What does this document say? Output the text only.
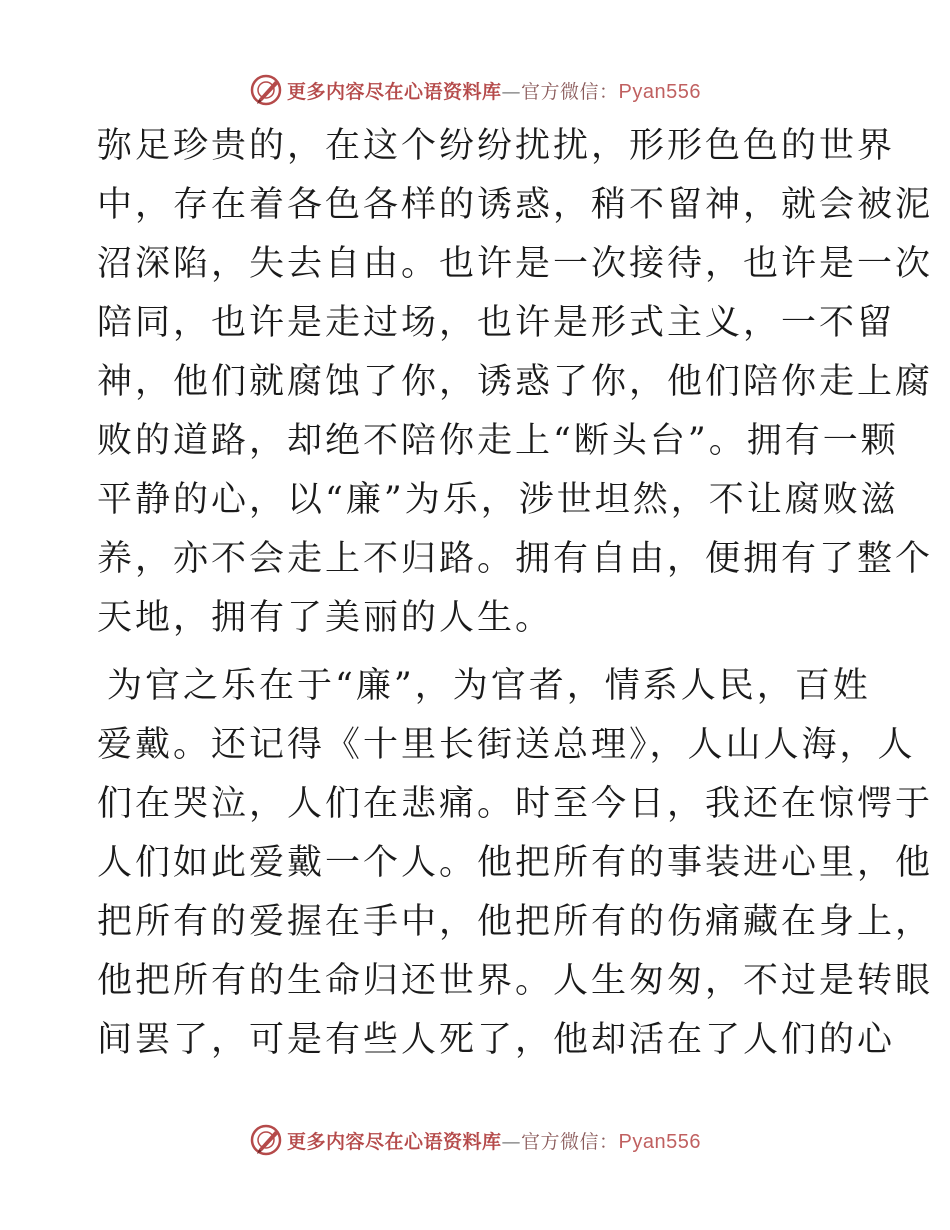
更多内容尽在心语资料库—官方微信：Pyan556
弥足珍贵的，在这个纷纷扰扰，形形色色的世界
中，存在着各色各样的诱惑，稍不留神，就会被泥
沼深陷，失去自由。也许是一次接待，也许是一次
陪同，也许是走过场，也许是形式主义，一不留
神，他们就腐蚀了你，诱惑了你，他们陪你走上腐
败的道路，却绝不陪你走上“断头台”。拥有一颗
平静的心，以“廉”为乐，涉世坦然，不让腐败滋
养，亦不会走上不归路。拥有自由，便拥有了整个
天地，拥有了美丽的人生。
为官之乐在于“廉”，为官者，情系人民，百姓
爱戴。还记得《十里长街送总理》，人山人海，人
们在哭泣，人们在悲痛。时至今日，我还在惊愕于
人们如此爱戴一个人。他把所有的事装进心里，他
把所有的爱握在手中，他把所有的伤痛藏在身上，
他把所有的生命归还世界。人生匆匆，不过是转眼
间罢了，可是有些人死了，他却活在了人们的心
更多内容尽在心语资料库—官方微信：Pyan556
